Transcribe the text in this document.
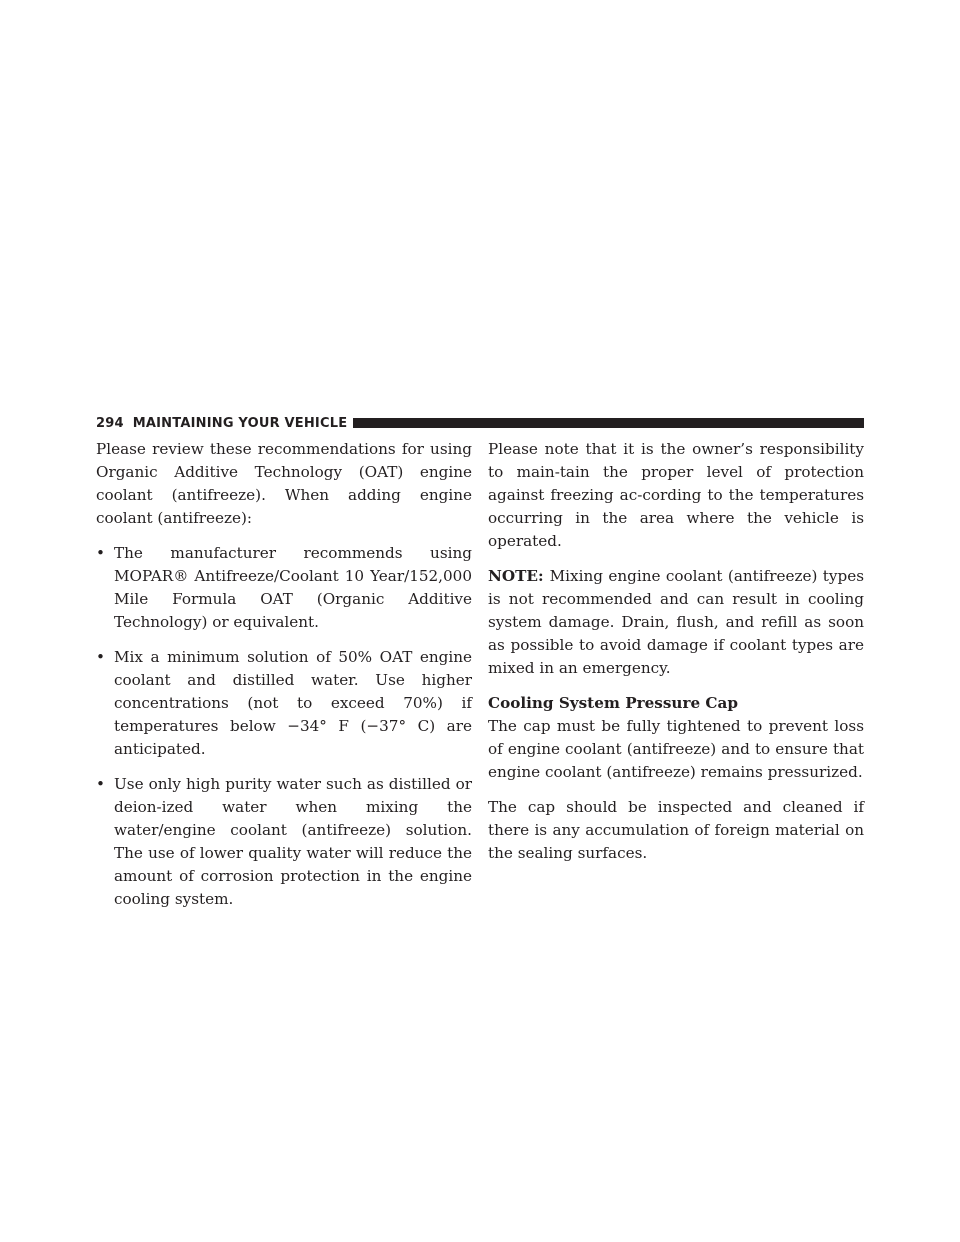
294 MAINTAINING YOUR VEHICLE

Please review these recommendations for using Organic Additive Technology (OAT) engine coolant (antifreeze). When adding engine coolant (antifreeze):

• The manufacturer recommends using MOPAR® Antifreeze/Coolant 10 Year/152,000 Mile Formula OAT (Organic Additive Technology) or equivalent.
• Mix a minimum solution of 50% OAT engine coolant and distilled water. Use higher concentrations (not to exceed 70%) if temperatures below −34° F (−37° C) are anticipated.
• Use only high purity water such as distilled or deion-ized water when mixing the water/engine coolant (antifreeze) solution. The use of lower quality water will reduce the amount of corrosion protection in the engine cooling system.

Please note that it is the owner’s responsibility to main-tain the proper level of protection against freezing ac-cording to the temperatures occurring in the area where the vehicle is operated.

NOTE: Mixing engine coolant (antifreeze) types is not recommended and can result in cooling system damage. Drain, flush, and refill as soon as possible to avoid damage if coolant types are mixed in an emergency.

Cooling System Pressure Cap

The cap must be fully tightened to prevent loss of engine coolant (antifreeze) and to ensure that engine coolant (antifreeze) remains pressurized.

The cap should be inspected and cleaned if there is any accumulation of foreign material on the sealing surfaces.
